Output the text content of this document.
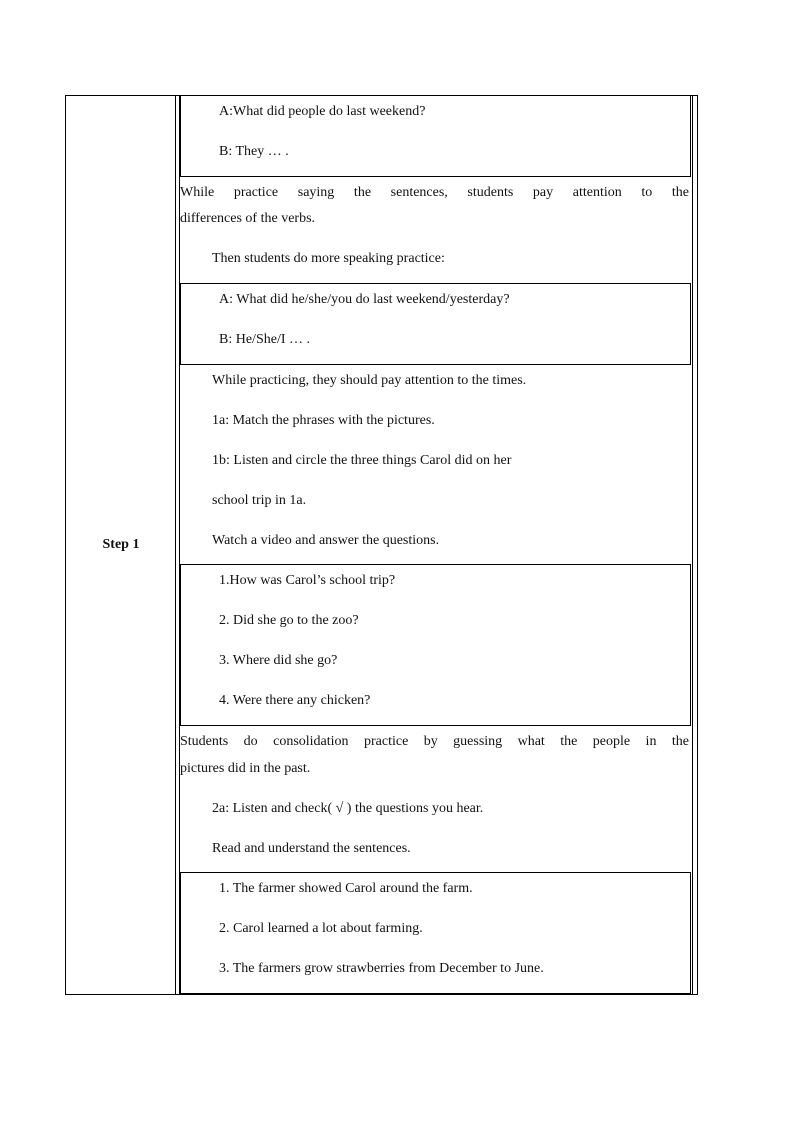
Step 1
A:What did people do last weekend?
B: They … .
While practice saying the sentences, students pay attention to the
differences of the verbs.
Then students do more speaking practice:
A: What did he/she/you do last weekend/yesterday?
B: He/She/I … .
While practicing, they should pay attention to the times.
1a: Match the phrases with the pictures.
1b: Listen and circle the three things Carol did on her
school trip in 1a.
Watch a video and answer the questions.
1.How was Carol’s school trip?
2. Did she go to the zoo?
3. Where did she go?
4. Were there any chicken?
Students do consolidation practice by guessing what the people in the
pictures did in the past.
2a: Listen and check( √ ) the questions you hear.
Read and understand the sentences.
1. The farmer showed Carol around the farm.
2. Carol learned a lot about farming.
3. The farmers grow strawberries from December to June.
